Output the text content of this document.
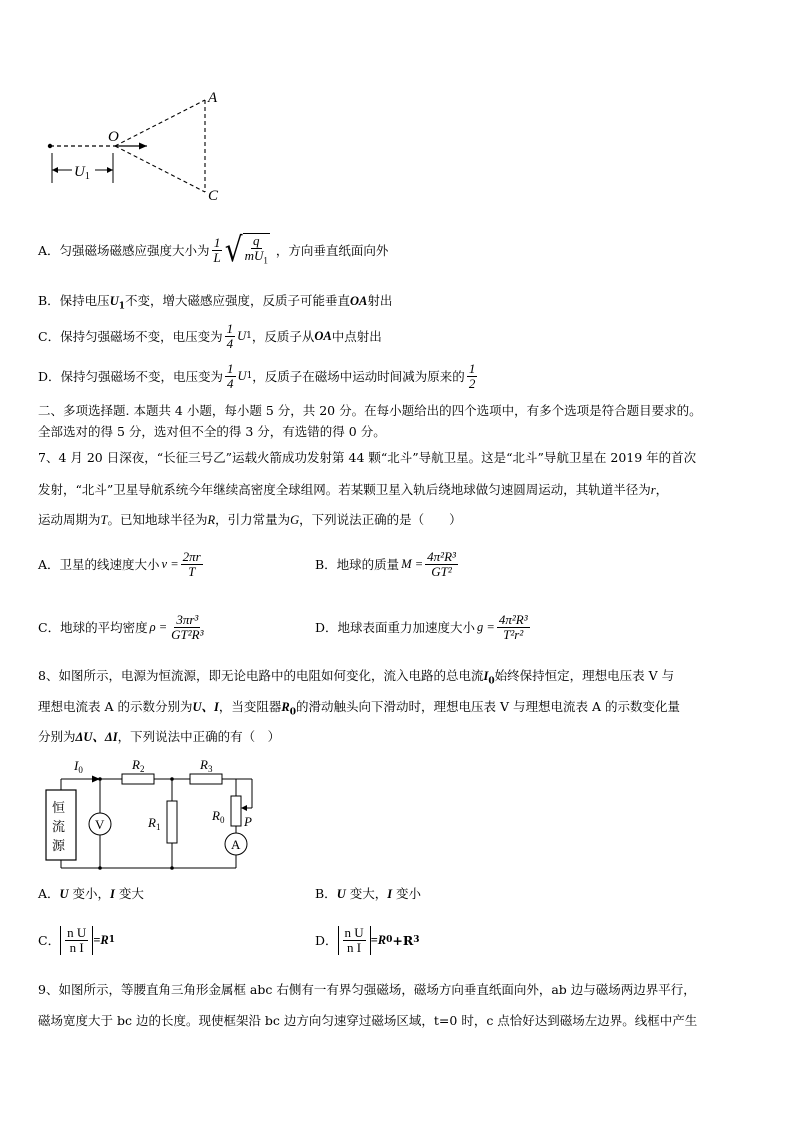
A
O
C
$U_1$
A．匀强磁场磁感应强度大小为 $\frac{1}{L}$ √ $\frac{q}{mU_1}$ ，方向垂直纸面向外
B．保持电压$U_1$不变，增大磁感应强度，反质子可能垂直OA射出
C．保持匀强磁场不变，电压变为 $\frac{1}{4}$ U 1 ，反质子从 OA 中点射出
D．保持匀强磁场不变，电压变为 $\frac{1}{4}$ U 1 ，反质子在磁场中运动时间减为原来的 $\frac{1}{2}$
二、多项选择题. 本题共 4 小题，每小题 5 分，共 20 分。在每小题给出的四个选项中，有多个选项是符合题目要求的。
全部选对的得 5 分，选对但不全的得 3 分，有选错的得 0 分。
7、4 月 20 日深夜，“长征三号乙”运载火箭成功发射第 44 颗“北斗”导航卫星。这是“北斗”导航卫星在 2019 年的首次
发射，“北斗”卫星导航系统今年继续高密度全球组网。若某颗卫星入轨后绕地球做匀速圆周运动，其轨道半径为r，
运动周期为T。已知地球半径为R，引力常量为G，下列说法正确的是（　　）
A．卫星的线速度大小 $v = \frac{2\pi r}{T}$	B．地球的质量 $M = \frac{\text{4π²R³}}{\text{GT²}}$
C．地球的平均密度 $\rho = \frac{\text{3πr³}}{\text{GT²R³}}$	D．地球表面重力加速度大小 $g = \frac{\text{4π²R³}}{\text{T²r²}}$
8、如图所示，电源为恒流源，即无论电路中的电阻如何变化，流入电路的总电流$I_0$始终保持恒定，理想电压表 V 与
理想电流表 A 的示数分别为U、I，当变阻器$R_0$的滑动触头向下滑动时，理想电压表 V 与理想电流表 A 的示数变化量
分别为ΔU、ΔI，下列说法中正确的有（　）
恒
流
源
V
A
$I_0$	$R_2$	$R_3$
$R_1$
$R_0$ P
A．U 变小，I 变大	B．U 变大，I 变小
C． $\frac{\text{n U}}{\text{n I}} =R$ 1	D． $\frac{\text{n U}}{\text{n I}} =R$ 0 +R 3
9、如图所示，等腰直角三角形金属框 abc 右侧有一有界匀强磁场，磁场方向垂直纸面向外，ab 边与磁场两边界平行，
磁场宽度大于 bc 边的长度。现使框架沿 bc 边方向匀速穿过磁场区域，t=0 时，c 点恰好达到磁场左边界。线框中产生
